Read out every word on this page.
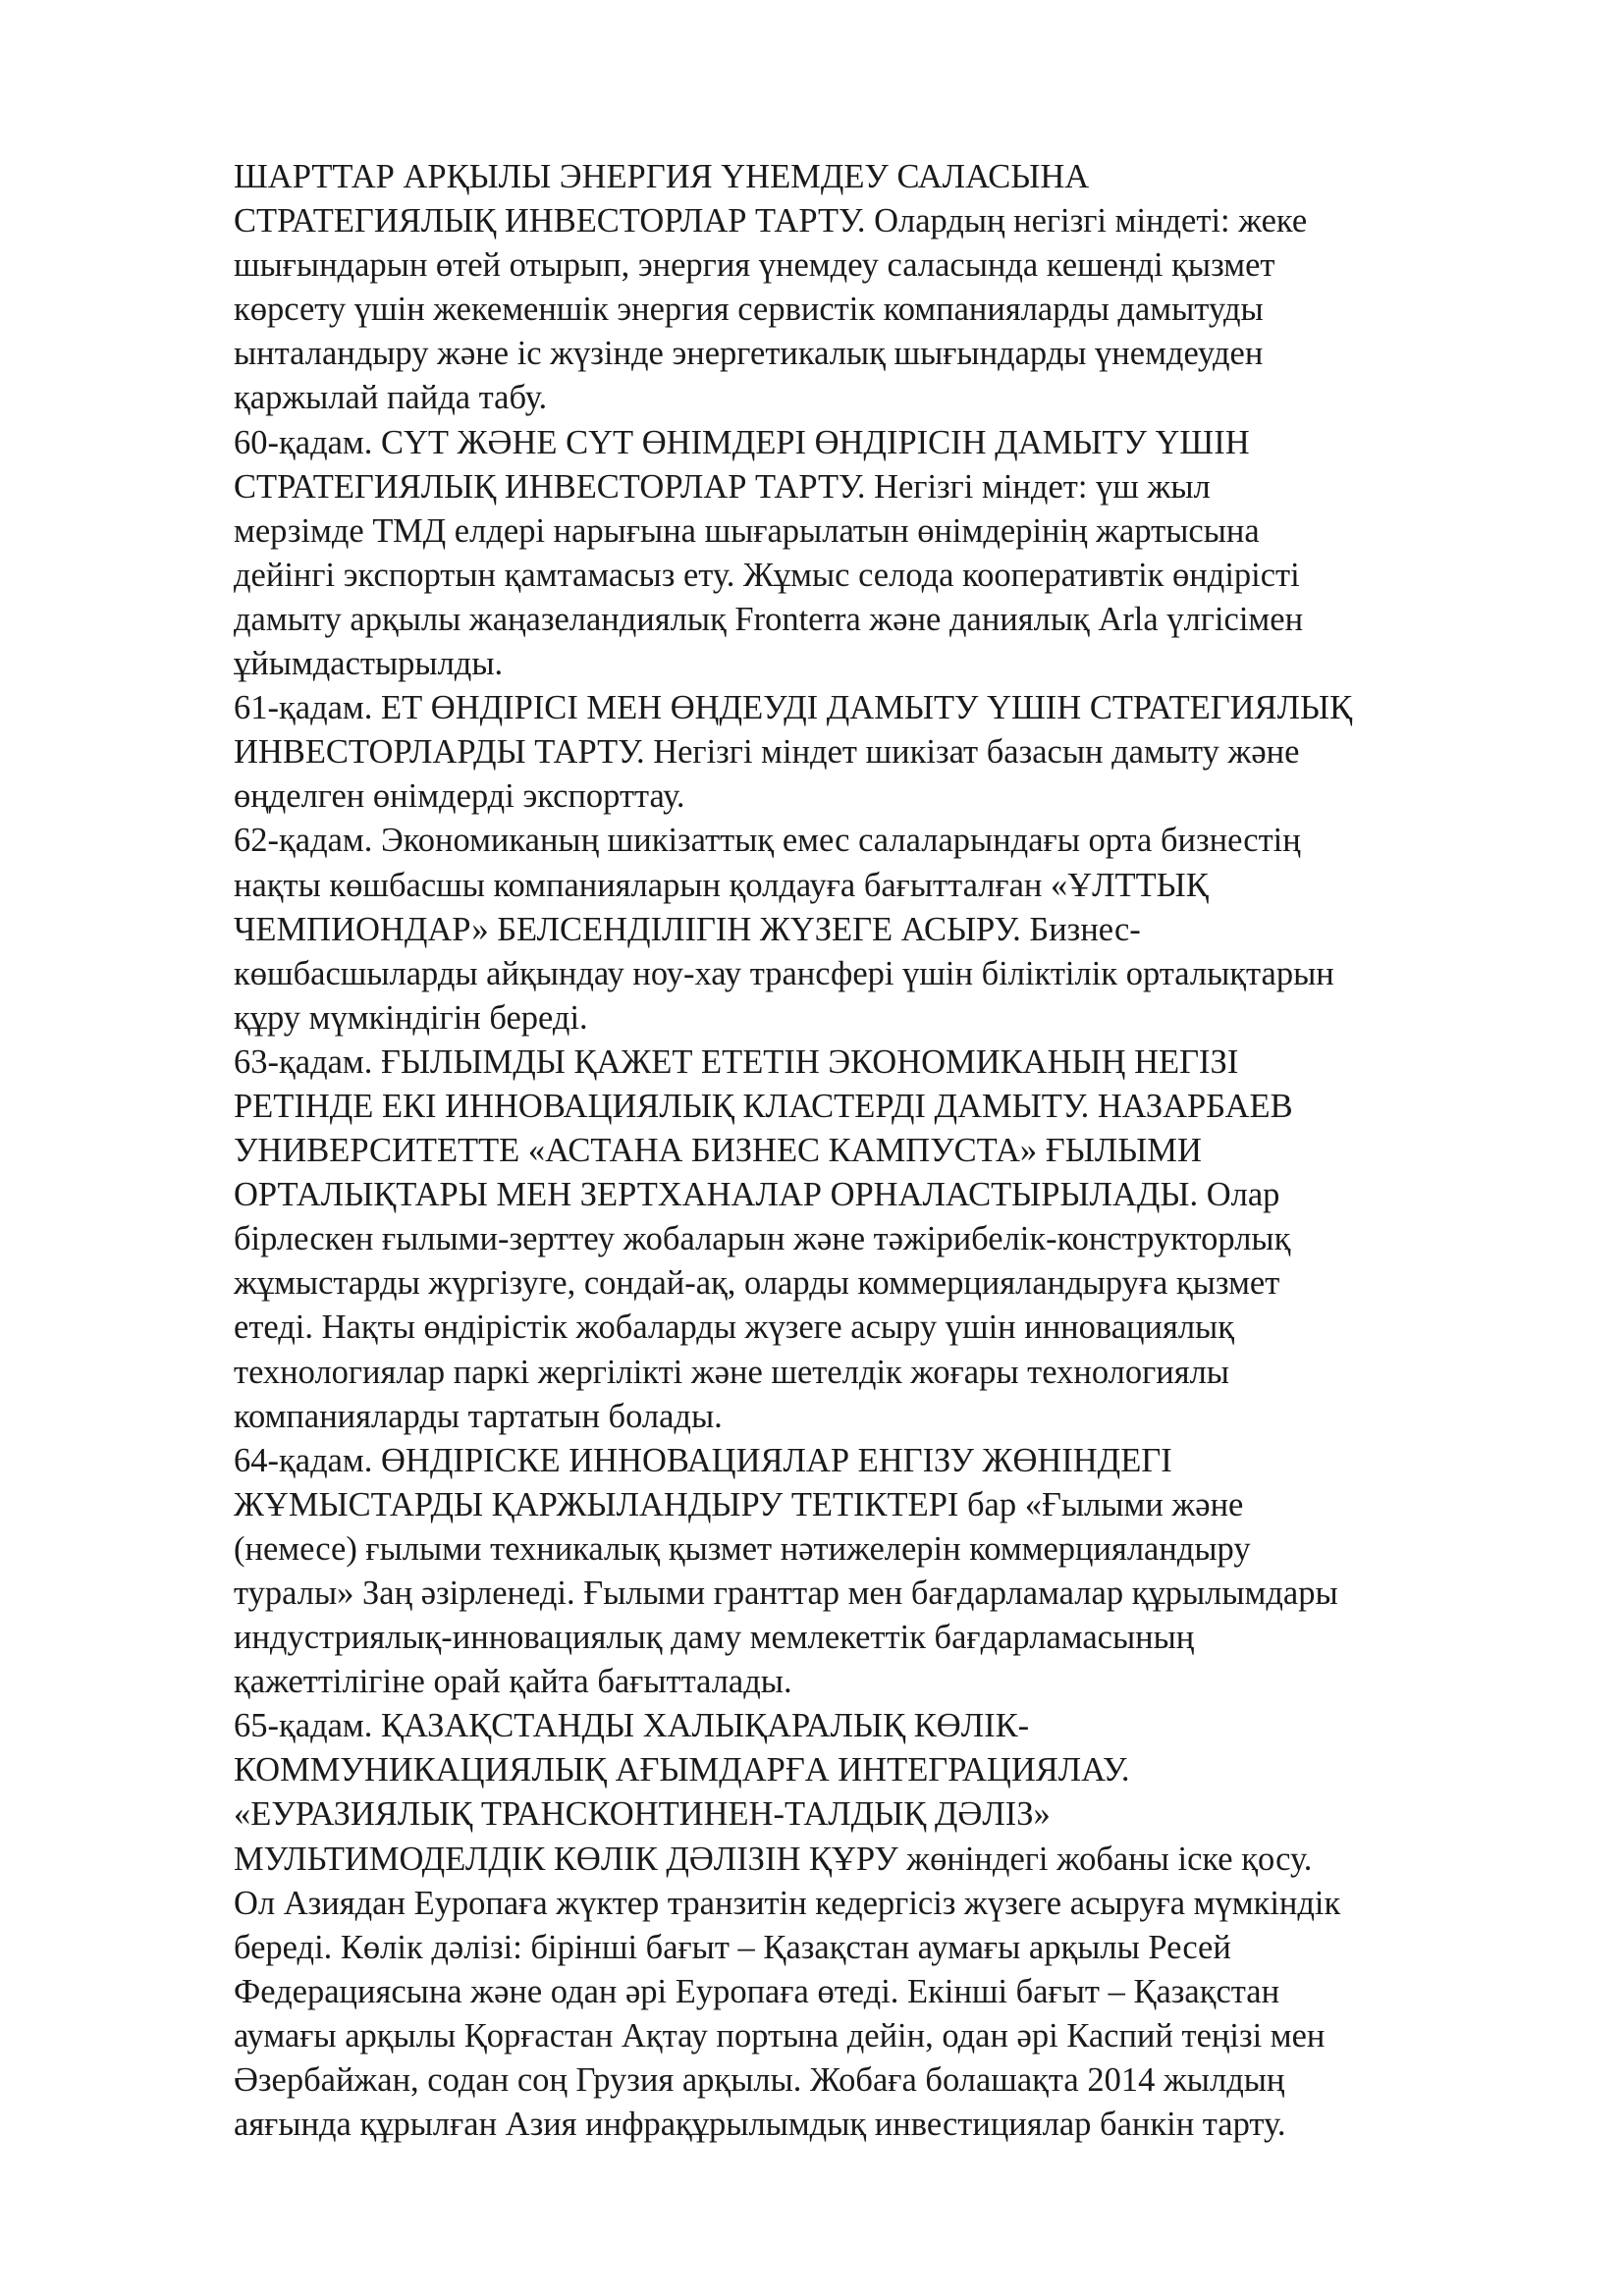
ШАРТТАР АРҚЫЛЫ ЭНЕРГИЯ ҮНЕМДЕУ САЛАСЫНА
СТРАТЕГИЯЛЫҚ ИНВЕСТОРЛАР ТАРТУ. Олардың негізгі міндеті: жеке
шығындарын өтей отырып, энергия үнемдеу саласында кешенді қызмет
көрсету үшін жекеменшік энергия сервистік компанияларды дамытуды
ынталандыру және іс жүзінде энергетикалық шығындарды үнемдеуден
қаржылай пайда табу.

60-қадам. СҮТ ЖӘНЕ СҮТ ӨНІМДЕРІ ӨНДІРІСІН ДАМЫТУ ҮШІН
СТРАТЕГИЯЛЫҚ ИНВЕСТОРЛАР ТАРТУ. Негізгі міндет: үш жыл
мерзімде ТМД елдері нарығына шығарылатын өнімдерінің жартысына
дейінгі экспортын қамтамасыз ету. Жұмыс селода кооперативтік өндірісті
дамыту арқылы жаңазеландиялық Fronterra және даниялық Arla үлгісімен
ұйымдастырылды.

61-қадам. ЕТ ӨНДІРІСІ МЕН ӨҢДЕУДІ ДАМЫТУ ҮШІН СТРАТЕГИЯЛЫҚ
ИНВЕСТОРЛАРДЫ ТАРТУ. Негізгі міндет шикізат базасын дамыту және
өңделген өнімдерді экспорттау.

62-қадам. Экономиканың шикізаттық емес салаларындағы орта бизнестің
нақты көшбасшы компанияларын қолдауға бағытталған «ҰЛТТЫҚ
ЧЕМПИОНДАР» БЕЛСЕНДІЛІГІН ЖҮЗЕГЕ АСЫРУ. Бизнес-
көшбасшыларды айқындау ноу-хау трансфері үшін біліктілік орталықтарын
құру мүмкіндігін береді.

63-қадам. ҒЫЛЫМДЫ ҚАЖЕТ ЕТЕТІН ЭКОНОМИКАНЫҢ НЕГІЗІ
РЕТІНДЕ ЕКІ ИННОВАЦИЯЛЫҚ КЛАСТЕРДІ ДАМЫТУ. НАЗАРБАЕВ
УНИВЕРСИТЕТТЕ «АСТАНА БИЗНЕС КАМПУСТА» ҒЫЛЫМИ
ОРТАЛЫҚТАРЫ МЕН ЗЕРТХАНАЛАР ОРНАЛАСТЫРЫЛАДЫ. Олар
бірлескен ғылыми-зерттеу жобаларын және тәжірибелік-конструкторлық
жұмыстарды жүргізуге, сондай-ақ, оларды коммерцияландыруға қызмет
етеді. Нақты өндірістік жобаларды жүзеге асыру үшін инновациялық
технологиялар паркі жергілікті және шетелдік жоғары технологиялы
компанияларды тартатын болады.

64-қадам. ӨНДІРІСКЕ ИННОВАЦИЯЛАР ЕНГІЗУ ЖӨНІНДЕГІ
ЖҰМЫСТАРДЫ ҚАРЖЫЛАНДЫРУ ТЕТІКТЕРІ бар «Ғылыми және
(немесе) ғылыми техникалық қызмет нәтижелерін коммерцияландыру
туралы» Заң әзірленеді. Ғылыми гранттар мен бағдарламалар құрылымдары
индустриялық-инновациялық даму мемлекеттік бағдарламасының
қажеттілігіне орай қайта бағытталады.

65-қадам. ҚАЗАҚСТАНДЫ ХАЛЫҚАРАЛЫҚ КӨЛІК-
КОММУНИКАЦИЯЛЫҚ АҒЫМДАРҒА ИНТЕГРАЦИЯЛАУ.
«ЕУРАЗИЯЛЫҚ ТРАНСКОНТИНЕН-ТАЛДЫҚ ДӘЛІЗ»
МУЛЬТИМОДЕЛДІК КӨЛІК ДӘЛІЗІН ҚҰРУ жөніндегі жобаны іске қосу.
Ол Азиядан Еуропаға жүктер транзитін кедергісіз жүзеге асыруға мүмкіндік
береді. Көлік дәлізі: бірінші бағыт – Қазақстан аумағы арқылы Ресей
Федерациясына және одан әрі Еуропаға өтеді. Екінші бағыт – Қазақстан
аумағы арқылы Қорғастан Ақтау портына дейін, одан әрі Каспий теңізі мен
Әзербайжан, содан соң Грузия арқылы. Жобаға болашақта 2014 жылдың
аяғында құрылған Азия инфрақұрылымдық инвестициялар банкін тарту.
